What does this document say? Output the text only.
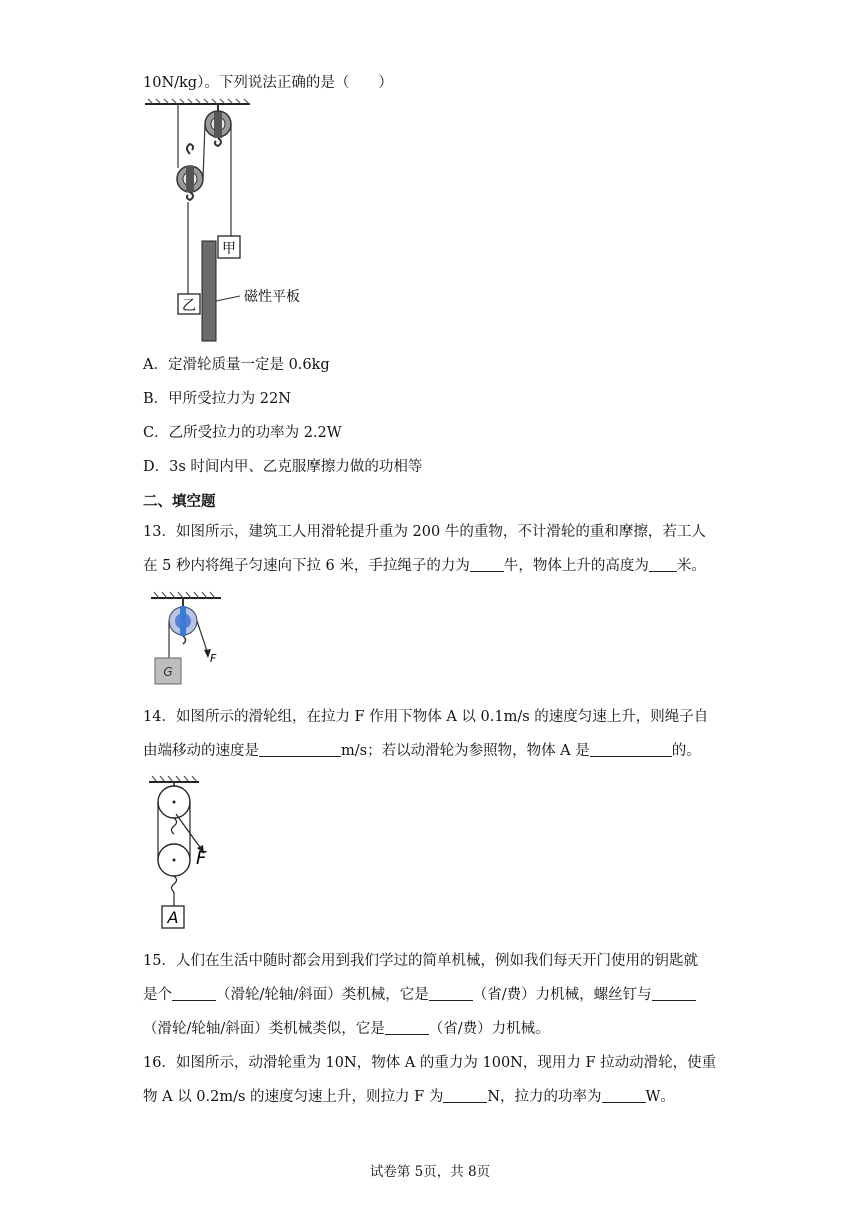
10N/kg）。下列说法正确的是（　　）
甲
乙
磁性平板
A．定滑轮质量一定是 0.6kg
B．甲所受拉力为 22N
C．乙所受拉力的功率为 2.2W
D．3s 时间内甲、乙克服摩擦力做的功相等
二、填空题
13．如图所示，建筑工人用滑轮提升重为 200 牛的重物，不计滑轮的重和摩擦，若工人
在 5 秒内将绳子匀速向下拉 6 米，手拉绳子的力为 牛，物体上升的高度为 米。
F
G
14．如图所示的滑轮组，在拉力 F 作用下物体 A 以 0.1m/s 的速度匀速上升，则绳子自
由端移动的速度是	m/s；若以动滑轮为参照物，物体 A 是	的。
F
A
15．人们在生活中随时都会用到我们学过的简单机械，例如我们每天开门使用的钥匙就
是个	（滑轮/轮轴/斜面）类机械，它是	（省/费）力机械，螺丝钉与
（滑轮/轮轴/斜面）类机械类似，它是	（省/费）力机械。
16．如图所示，动滑轮重为 10N，物体 A 的重力为 100N，现用力 F 拉动动滑轮，使重
物 A 以 0.2m/s 的速度匀速上升，则拉力 F 为	N，拉力的功率为	W。
试卷第 5页，共 8页
